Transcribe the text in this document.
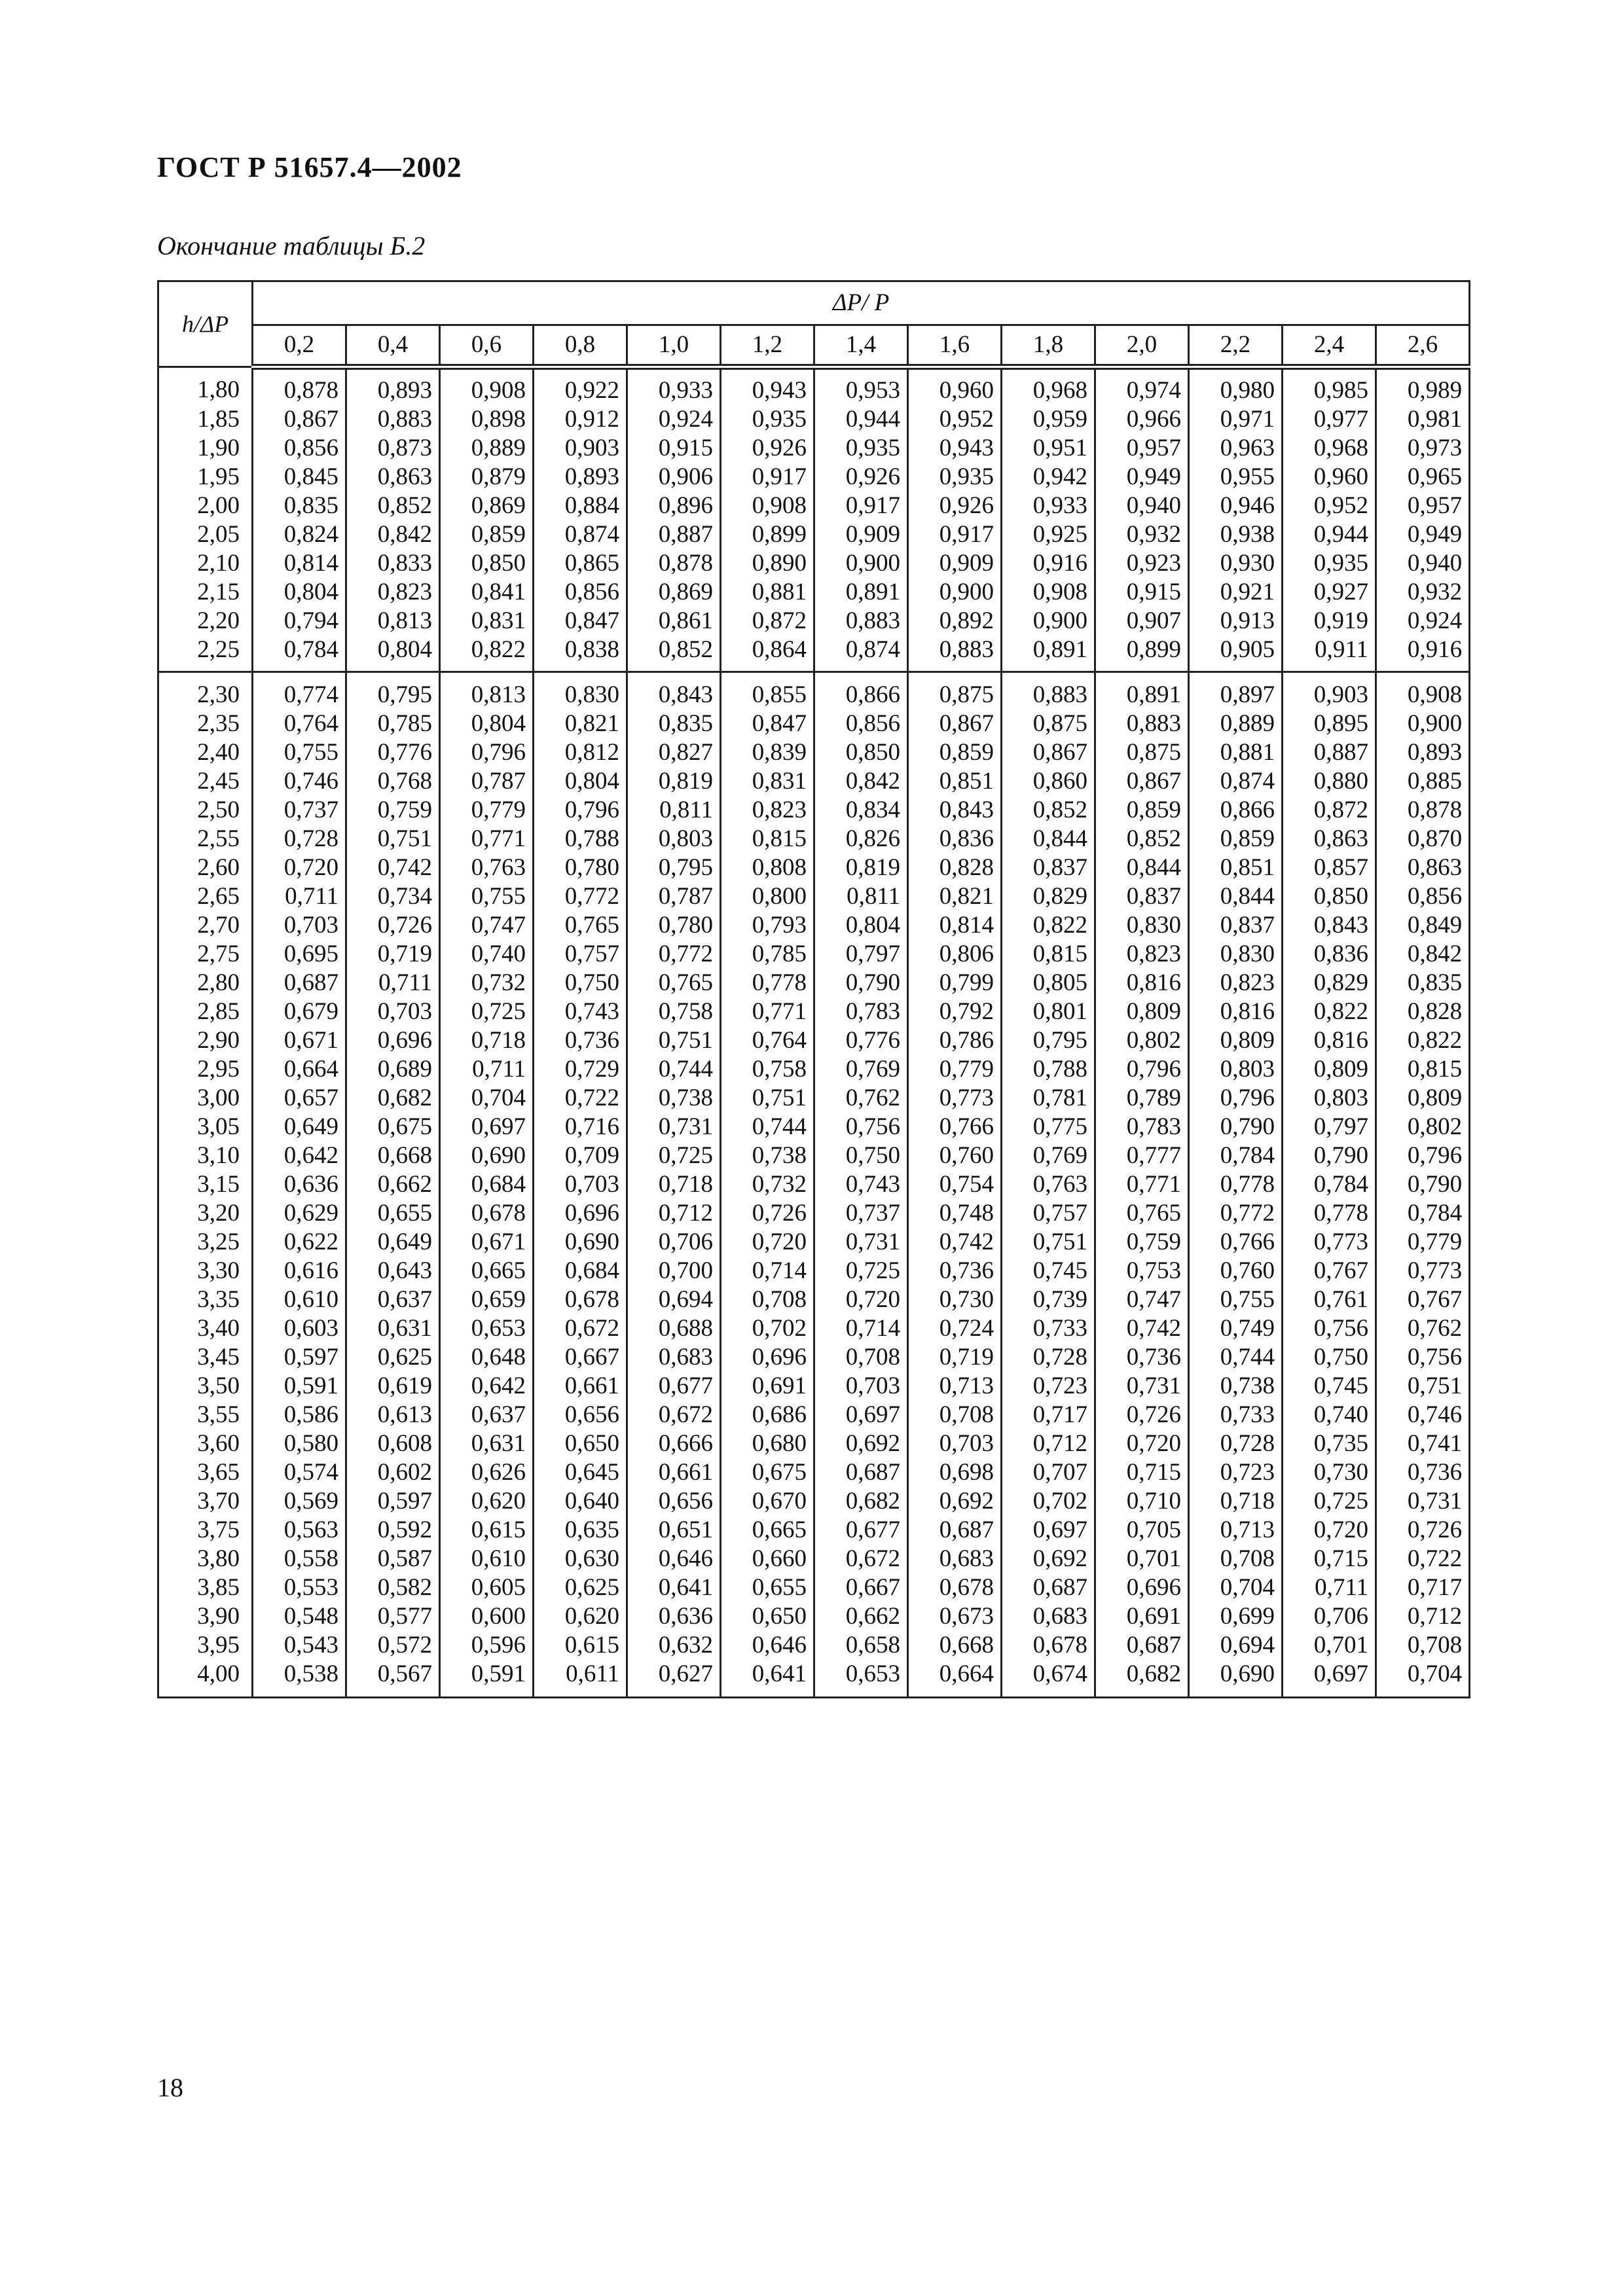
ГОСТ Р 51657.4—2002
Окончание таблицы Б.2
h/ΔP	ΔP/ P												
	0,2	0,4	0,6	0,8	1,0	1,2	1,4	1,6	1,8	2,0	2,2	2,4	2,6
1,80	0,878	0,893	0,908	0,922	0,933	0,943	0,953	0,960	0,968	0,974	0,980	0,985	0,989
1,85	0,867	0,883	0,898	0,912	0,924	0,935	0,944	0,952	0,959	0,966	0,971	0,977	0,981
1,90	0,856	0,873	0,889	0,903	0,915	0,926	0,935	0,943	0,951	0,957	0,963	0,968	0,973
1,95	0,845	0,863	0,879	0,893	0,906	0,917	0,926	0,935	0,942	0,949	0,955	0,960	0,965
2,00	0,835	0,852	0,869	0,884	0,896	0,908	0,917	0,926	0,933	0,940	0,946	0,952	0,957
2,05	0,824	0,842	0,859	0,874	0,887	0,899	0,909	0,917	0,925	0,932	0,938	0,944	0,949
2,10	0,814	0,833	0,850	0,865	0,878	0,890	0,900	0,909	0,916	0,923	0,930	0,935	0,940
2,15	0,804	0,823	0,841	0,856	0,869	0,881	0,891	0,900	0,908	0,915	0,921	0,927	0,932
2,20	0,794	0,813	0,831	0,847	0,861	0,872	0,883	0,892	0,900	0,907	0,913	0,919	0,924
2,25	0,784	0,804	0,822	0,838	0,852	0,864	0,874	0,883	0,891	0,899	0,905	0,911	0,916
2,30	0,774	0,795	0,813	0,830	0,843	0,855	0,866	0,875	0,883	0,891	0,897	0,903	0,908
2,35	0,764	0,785	0,804	0,821	0,835	0,847	0,856	0,867	0,875	0,883	0,889	0,895	0,900
2,40	0,755	0,776	0,796	0,812	0,827	0,839	0,850	0,859	0,867	0,875	0,881	0,887	0,893
2,45	0,746	0,768	0,787	0,804	0,819	0,831	0,842	0,851	0,860	0,867	0,874	0,880	0,885
2,50	0,737	0,759	0,779	0,796	0,811	0,823	0,834	0,843	0,852	0,859	0,866	0,872	0,878
2,55	0,728	0,751	0,771	0,788	0,803	0,815	0,826	0,836	0,844	0,852	0,859	0,863	0,870
2,60	0,720	0,742	0,763	0,780	0,795	0,808	0,819	0,828	0,837	0,844	0,851	0,857	0,863
2,65	0,711	0,734	0,755	0,772	0,787	0,800	0,811	0,821	0,829	0,837	0,844	0,850	0,856
2,70	0,703	0,726	0,747	0,765	0,780	0,793	0,804	0,814	0,822	0,830	0,837	0,843	0,849
2,75	0,695	0,719	0,740	0,757	0,772	0,785	0,797	0,806	0,815	0,823	0,830	0,836	0,842
2,80	0,687	0,711	0,732	0,750	0,765	0,778	0,790	0,799	0,805	0,816	0,823	0,829	0,835
2,85	0,679	0,703	0,725	0,743	0,758	0,771	0,783	0,792	0,801	0,809	0,816	0,822	0,828
2,90	0,671	0,696	0,718	0,736	0,751	0,764	0,776	0,786	0,795	0,802	0,809	0,816	0,822
2,95	0,664	0,689	0,711	0,729	0,744	0,758	0,769	0,779	0,788	0,796	0,803	0,809	0,815
3,00	0,657	0,682	0,704	0,722	0,738	0,751	0,762	0,773	0,781	0,789	0,796	0,803	0,809
3,05	0,649	0,675	0,697	0,716	0,731	0,744	0,756	0,766	0,775	0,783	0,790	0,797	0,802
3,10	0,642	0,668	0,690	0,709	0,725	0,738	0,750	0,760	0,769	0,777	0,784	0,790	0,796
3,15	0,636	0,662	0,684	0,703	0,718	0,732	0,743	0,754	0,763	0,771	0,778	0,784	0,790
3,20	0,629	0,655	0,678	0,696	0,712	0,726	0,737	0,748	0,757	0,765	0,772	0,778	0,784
3,25	0,622	0,649	0,671	0,690	0,706	0,720	0,731	0,742	0,751	0,759	0,766	0,773	0,779
3,30	0,616	0,643	0,665	0,684	0,700	0,714	0,725	0,736	0,745	0,753	0,760	0,767	0,773
3,35	0,610	0,637	0,659	0,678	0,694	0,708	0,720	0,730	0,739	0,747	0,755	0,761	0,767
3,40	0,603	0,631	0,653	0,672	0,688	0,702	0,714	0,724	0,733	0,742	0,749	0,756	0,762
3,45	0,597	0,625	0,648	0,667	0,683	0,696	0,708	0,719	0,728	0,736	0,744	0,750	0,756
3,50	0,591	0,619	0,642	0,661	0,677	0,691	0,703	0,713	0,723	0,731	0,738	0,745	0,751
3,55	0,586	0,613	0,637	0,656	0,672	0,686	0,697	0,708	0,717	0,726	0,733	0,740	0,746
3,60	0,580	0,608	0,631	0,650	0,666	0,680	0,692	0,703	0,712	0,720	0,728	0,735	0,741
3,65	0,574	0,602	0,626	0,645	0,661	0,675	0,687	0,698	0,707	0,715	0,723	0,730	0,736
3,70	0,569	0,597	0,620	0,640	0,656	0,670	0,682	0,692	0,702	0,710	0,718	0,725	0,731
3,75	0,563	0,592	0,615	0,635	0,651	0,665	0,677	0,687	0,697	0,705	0,713	0,720	0,726
3,80	0,558	0,587	0,610	0,630	0,646	0,660	0,672	0,683	0,692	0,701	0,708	0,715	0,722
3,85	0,553	0,582	0,605	0,625	0,641	0,655	0,667	0,678	0,687	0,696	0,704	0,711	0,717
3,90	0,548	0,577	0,600	0,620	0,636	0,650	0,662	0,673	0,683	0,691	0,699	0,706	0,712
3,95	0,543	0,572	0,596	0,615	0,632	0,646	0,658	0,668	0,678	0,687	0,694	0,701	0,708
4,00	0,538	0,567	0,591	0,611	0,627	0,641	0,653	0,664	0,674	0,682	0,690	0,697	0,704
18
